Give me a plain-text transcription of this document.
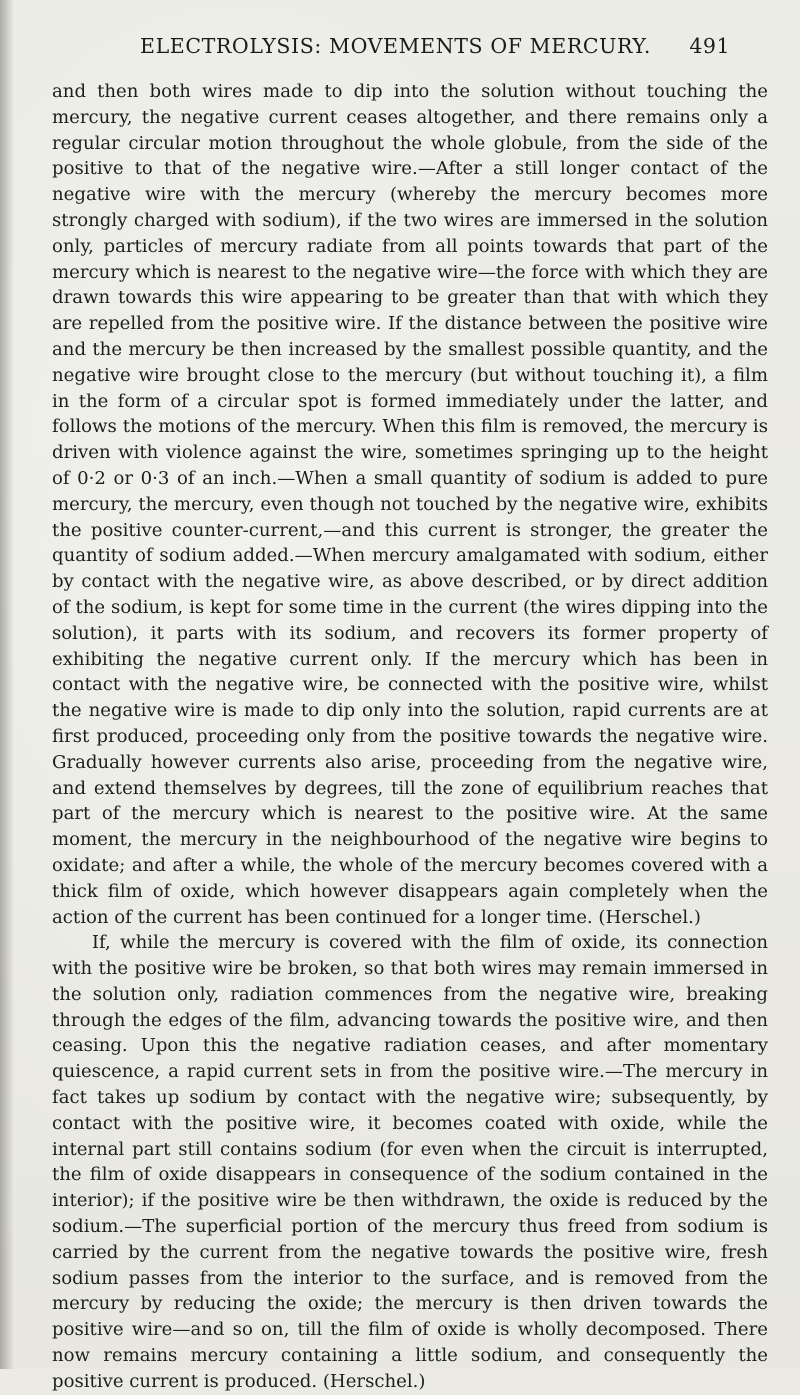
ELECTROLYSIS: MOVEMENTS OF MERCURY. 491

and then both wires made to dip into the solution without touching the mercury, the negative current ceases altogether, and there remains only a regular circular motion throughout the whole globule, from the side of the positive to that of the negative wire.—After a still longer contact of the negative wire with the mercury (whereby the mercury becomes more strongly charged with sodium), if the two wires are immersed in the solution only, particles of mercury radiate from all points towards that part of the mercury which is nearest to the negative wire—the force with which they are drawn towards this wire appearing to be greater than that with which they are repelled from the positive wire. If the distance between the positive wire and the mercury be then increased by the smallest possible quantity, and the negative wire brought close to the mercury (but without touching it), a film in the form of a circular spot is formed immediately under the latter, and follows the motions of the mercury. When this film is removed, the mercury is driven with violence against the wire, sometimes springing up to the height of 0·2 or 0·3 of an inch.—When a small quantity of sodium is added to pure mercury, the mercury, even though not touched by the negative wire, exhibits the positive counter-current,—and this current is stronger, the greater the quantity of sodium added.—When mercury amalgamated with sodium, either by contact with the negative wire, as above described, or by direct addition of the sodium, is kept for some time in the current (the wires dipping into the solution), it parts with its sodium, and recovers its former property of exhibiting the negative current only. If the mercury which has been in contact with the negative wire, be connected with the positive wire, whilst the negative wire is made to dip only into the solution, rapid currents are at first produced, proceeding only from the positive towards the negative wire. Gradually however currents also arise, proceeding from the negative wire, and extend themselves by degrees, till the zone of equilibrium reaches that part of the mercury which is nearest to the positive wire. At the same moment, the mercury in the neighbourhood of the negative wire begins to oxidate; and after a while, the whole of the mercury becomes covered with a thick film of oxide, which however disappears again completely when the action of the current has been continued for a longer time. (Herschel.)

If, while the mercury is covered with the film of oxide, its connection with the positive wire be broken, so that both wires may remain immersed in the solution only, radiation commences from the negative wire, breaking through the edges of the film, advancing towards the positive wire, and then ceasing. Upon this the negative radiation ceases, and after momentary quiescence, a rapid current sets in from the positive wire.—The mercury in fact takes up sodium by contact with the negative wire; subsequently, by contact with the positive wire, it becomes coated with oxide, while the internal part still contains sodium (for even when the circuit is interrupted, the film of oxide disappears in consequence of the sodium contained in the interior); if the positive wire be then withdrawn, the oxide is reduced by the sodium.—The superficial portion of the mercury thus freed from sodium is carried by the current from the negative towards the positive wire, fresh sodium passes from the interior to the surface, and is removed from the mercury by reducing the oxide; the mercury is then driven towards the positive wire—and so on, till the film of oxide is wholly decomposed. There now remains mercury containing a little sodium, and consequently the positive current is produced. (Herschel.)
